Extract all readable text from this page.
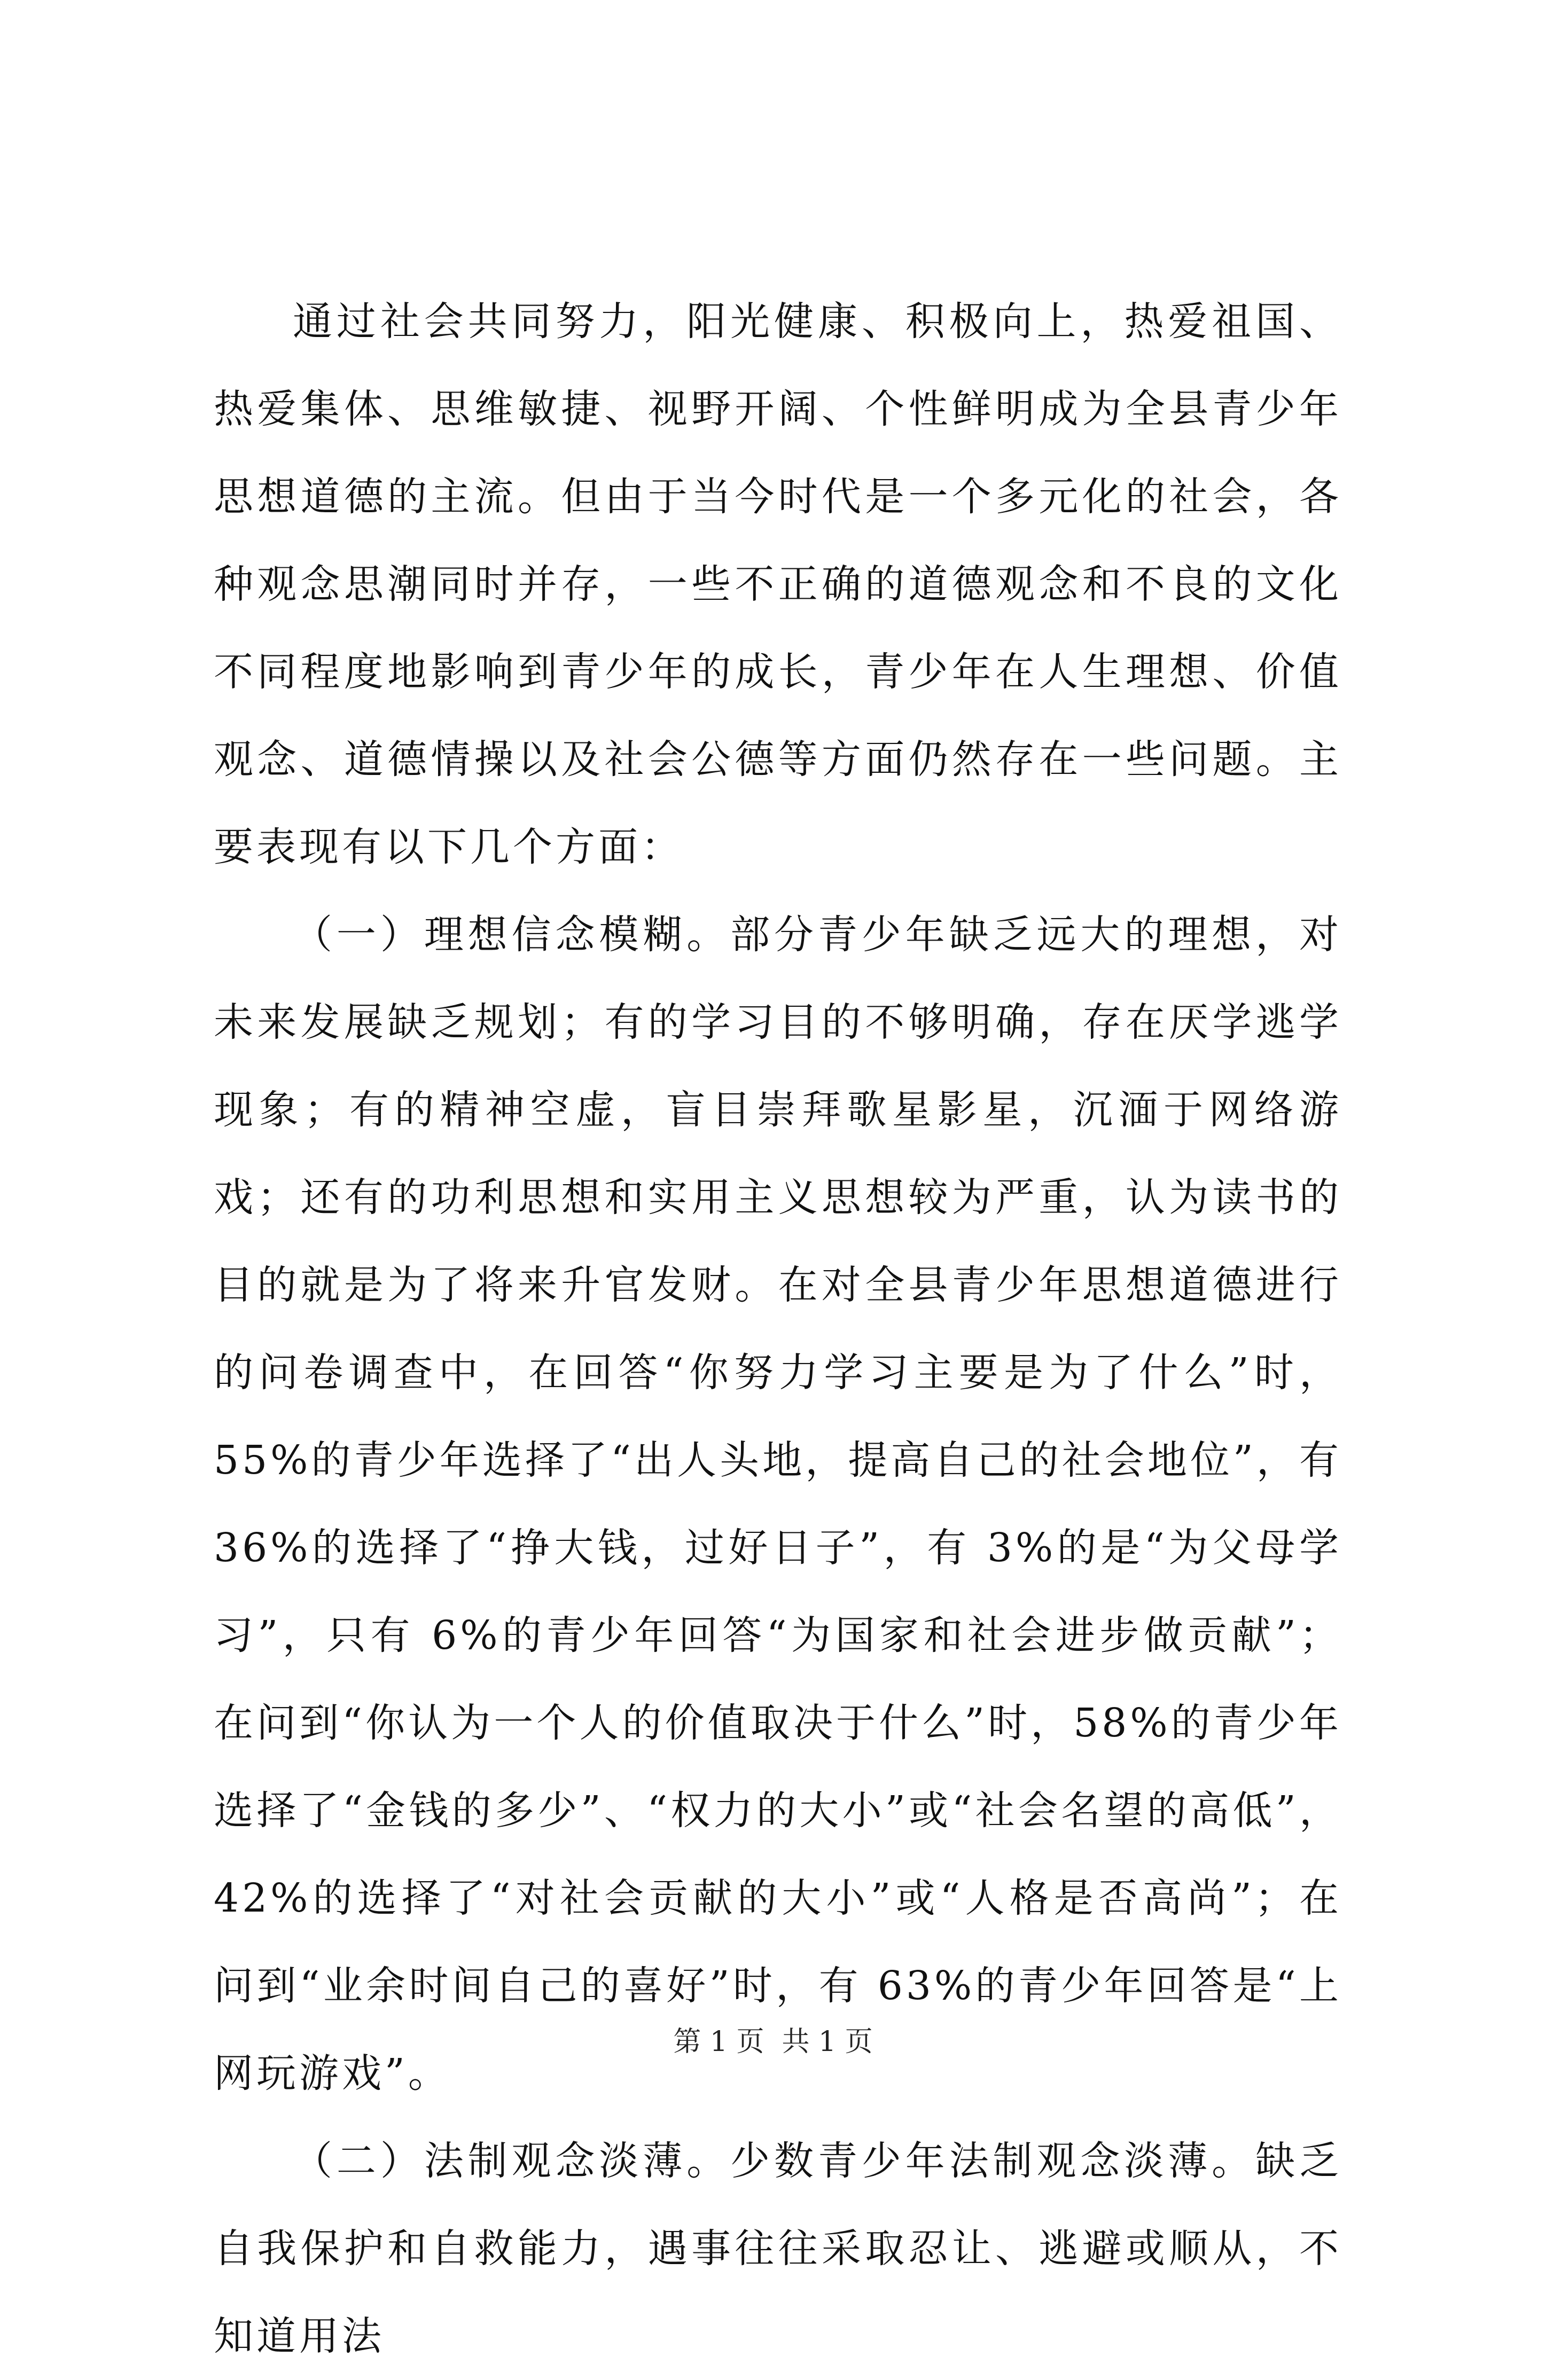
通过社会共同努力，阳光健康、积极向上，热爱祖国、热爱集体、思维敏捷、视野开阔、个性鲜明成为全县青少年思想道德的主流。但由于当今时代是一个多元化的社会，各种观念思潮同时并存，一些不正确的道德观念和不良的文化不同程度地影响到青少年的成长，青少年在人生理想、价值观念、道德情操以及社会公德等方面仍然存在一些问题。主要表现有以下几个方面：

（一）理想信念模糊。部分青少年缺乏远大的理想，对未来发展缺乏规划；有的学习目的不够明确，存在厌学逃学现象；有的精神空虚，盲目崇拜歌星影星，沉湎于网络游戏；还有的功利思想和实用主义思想较为严重，认为读书的目的就是为了将来升官发财。在对全县青少年思想道德进行的问卷调查中，在回答“你努力学习主要是为了什么”时，55%的青少年选择了“出人头地，提高自己的社会地位”，有 36%的选择了“挣大钱，过好日子”，有 3%的是“为父母学习”，只有 6%的青少年回答“为国家和社会进步做贡献”；在问到“你认为一个人的价值取决于什么”时，58%的青少年选择了“金钱的多少”、“权力的大小”或“社会名望的高低”，42%的选择了“对社会贡献的大小”或“人格是否高尚”；在问到“业余时间自己的喜好”时，有 63%的青少年回答是“上网玩游戏”。

（二）法制观念淡薄。少数青少年法制观念淡薄。缺乏自我保护和自救能力，遇事往往采取忍让、逃避或顺从，不知道用法

第 1 页  共 1 页
